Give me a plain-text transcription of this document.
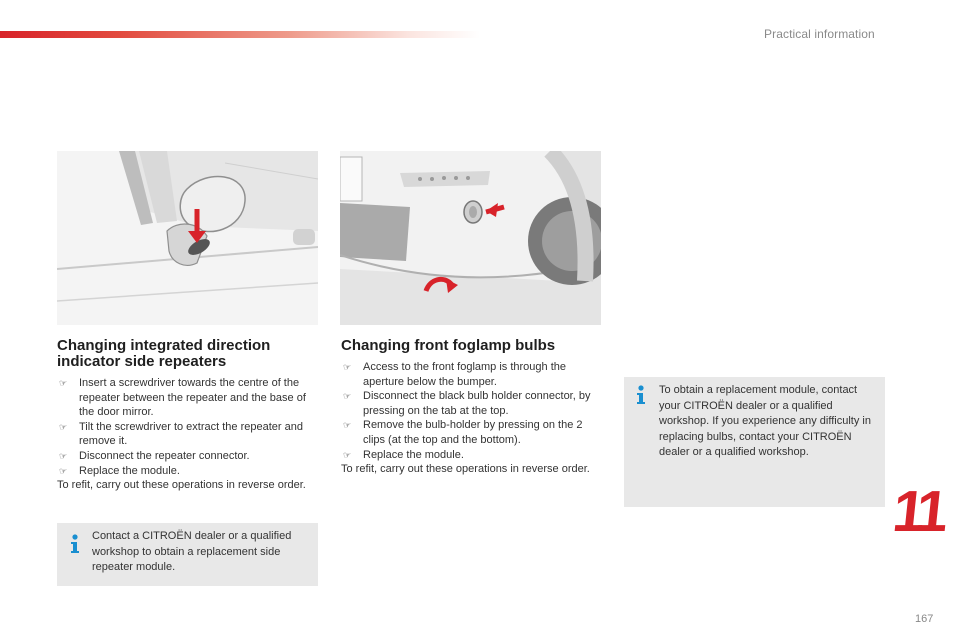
Practical information
Changing integrated direction indicator side repeaters
☞ Insert a screwdriver towards the centre of the repeater between the repeater and the base of the door mirror.
☞ Tilt the screwdriver to extract the repeater and remove it.
☞ Disconnect the repeater connector.
☞ Replace the module.
To refit, carry out these operations in reverse order.
Contact a CITROËN dealer or a qualified workshop to obtain a replacement side repeater module.
Changing front foglamp bulbs
☞ Access to the front foglamp is through the aperture below the bumper.
☞ Disconnect the black bulb holder connector, by pressing on the tab at the top.
☞ Remove the bulb-holder by pressing on the 2 clips (at the top and the bottom).
☞ Replace the module.
To refit, carry out these operations in reverse order.
To obtain a replacement module, contact your CITROËN dealer or a qualified workshop. If you experience any difficulty in replacing bulbs, contact your CITROËN dealer or a qualified workshop.
11
167
